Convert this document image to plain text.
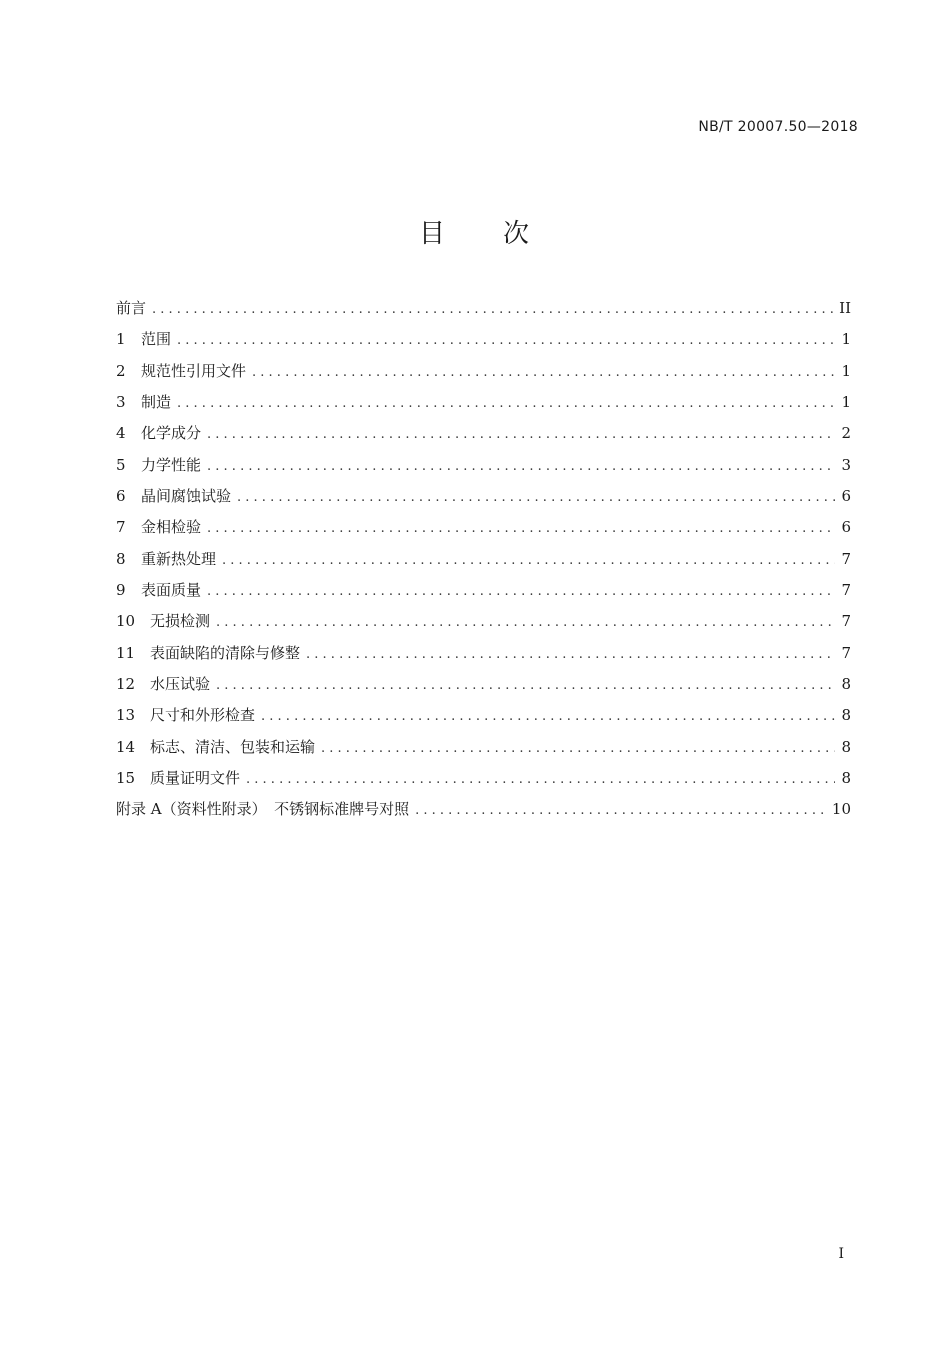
NB/T 20007.50—2018
目　　次
前言 . . .	II
1	范围 . . .	1
2	规范性引用文件 . . .	1
3	制造 . . .	1
4	化学成分 . . .	2
5	力学性能 . . .	3
6	晶间腐蚀试验 . . .	6
7	金相检验 . . .	6
8	重新热处理 . . .	7
9	表面质量 . . .	7
10 无损检测 . . .	7
11 表面缺陷的清除与修整 . . .	7
12 水压试验 . . .	8
13 尺寸和外形检查 . . .	8
14 标志、清洁、包装和运输 . . .	8
15 质量证明文件 . . .	8
附录 A（资料性附录）　不锈钢标准牌号对照 . . .	10
I
